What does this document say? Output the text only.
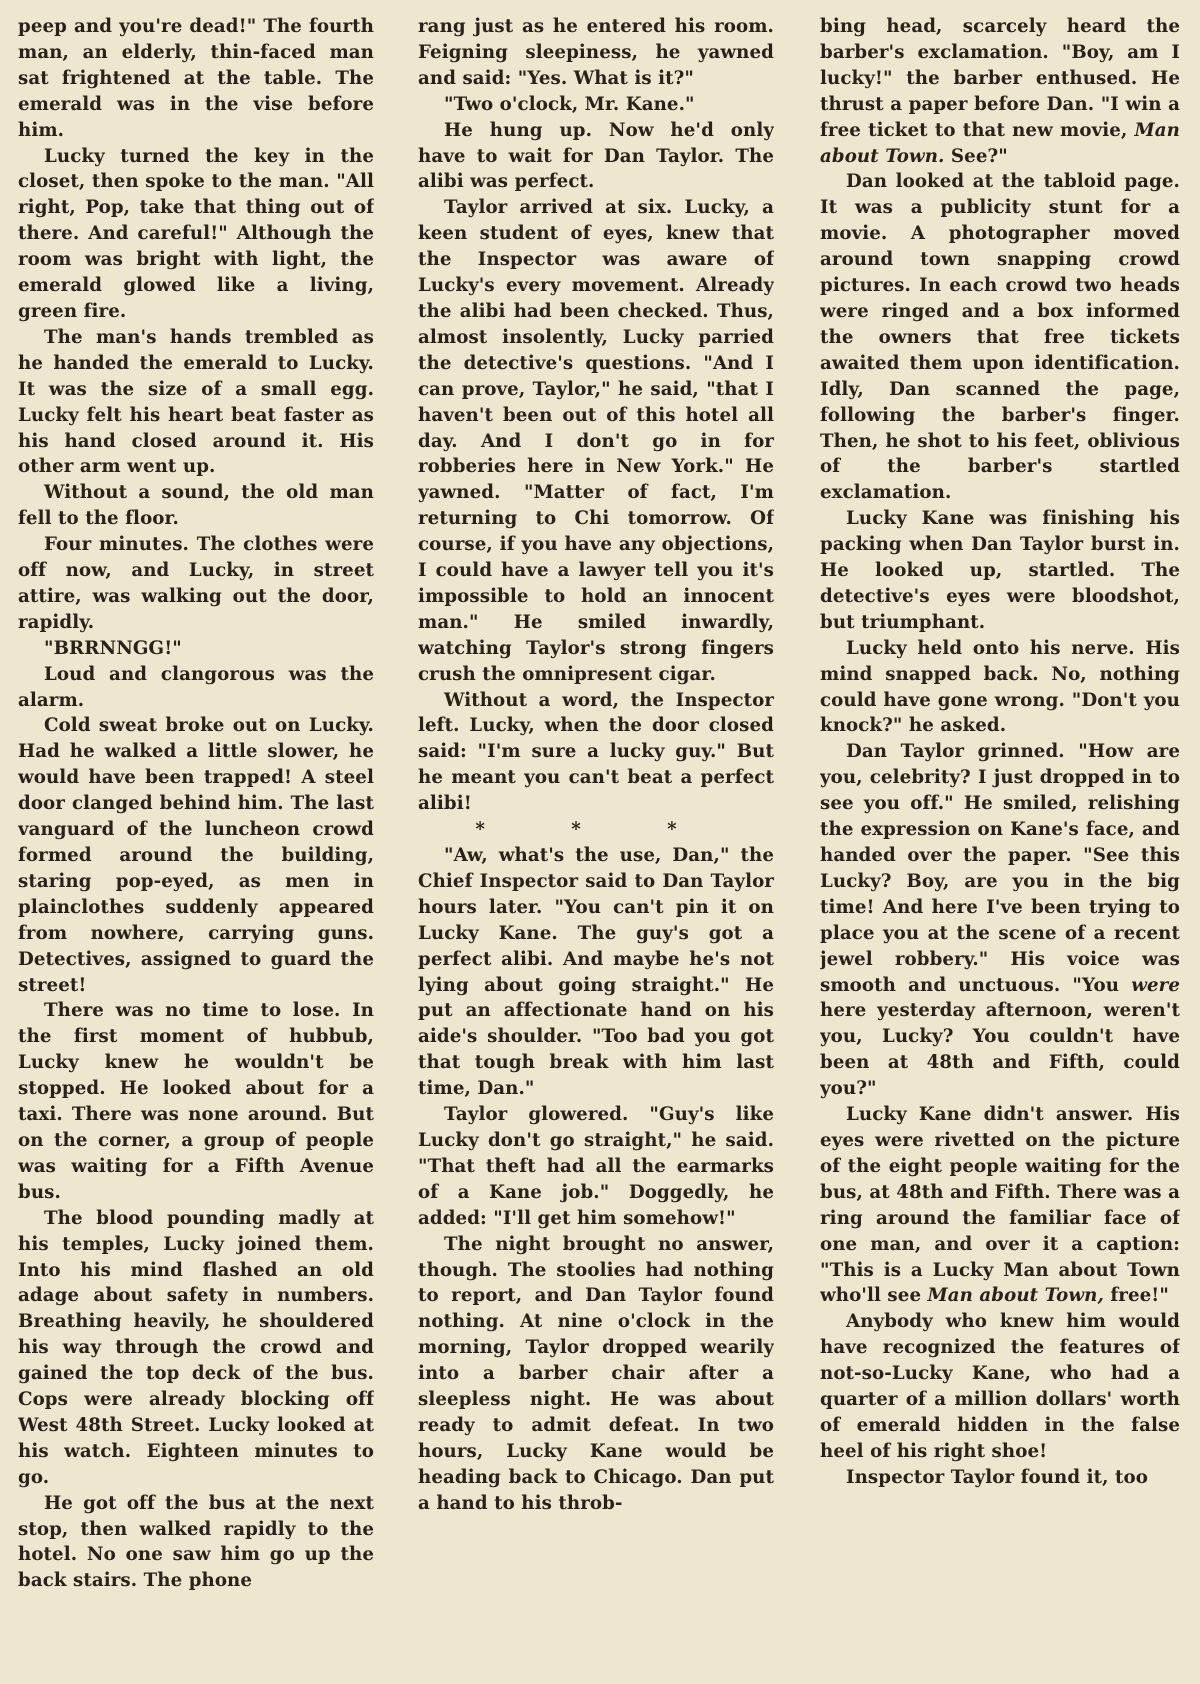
peep and you're dead!" The fourth man, an elderly, thin-faced man sat frightened at the table. The emerald was in the vise before him.

Lucky turned the key in the closet, then spoke to the man. "All right, Pop, take that thing out of there. And careful!" Although the room was bright with light, the emerald glowed like a living, green fire.

The man's hands trembled as he handed the emerald to Lucky. It was the size of a small egg. Lucky felt his heart beat faster as his hand closed around it. His other arm went up.

Without a sound, the old man fell to the floor.

Four minutes. The clothes were off now, and Lucky, in street attire, was walking out the door, rapidly.

"BRRNNGG!"

Loud and clangorous was the alarm.

Cold sweat broke out on Lucky. Had he walked a little slower, he would have been trapped! A steel door clanged behind him. The last vanguard of the luncheon crowd formed around the building, staring pop-eyed, as men in plainclothes suddenly appeared from nowhere, carrying guns. Detectives, assigned to guard the street!

There was no time to lose. In the first moment of hubbub, Lucky knew he wouldn't be stopped. He looked about for a taxi. There was none around. But on the corner, a group of people was waiting for a Fifth Avenue bus.

The blood pounding madly at his temples, Lucky joined them. Into his mind flashed an old adage about safety in numbers. Breathing heavily, he shouldered his way through the crowd and gained the top deck of the bus. Cops were already blocking off West 48th Street. Lucky looked at his watch. Eighteen minutes to go.

He got off the bus at the next stop, then walked rapidly to the hotel. No one saw him go up the back stairs. The phone

rang just as he entered his room. Feigning sleepiness, he yawned and said: "Yes. What is it?"

"Two o'clock, Mr. Kane."

He hung up. Now he'd only have to wait for Dan Taylor. The alibi was perfect.

Taylor arrived at six. Lucky, a keen student of eyes, knew that the Inspector was aware of Lucky's every movement. Already the alibi had been checked. Thus, almost insolently, Lucky parried the detective's questions. "And I can prove, Taylor," he said, "that I haven't been out of this hotel all day. And I don't go in for robberies here in New York." He yawned. "Matter of fact, I'm returning to Chi tomorrow. Of course, if you have any objections, I could have a lawyer tell you it's impossible to hold an innocent man." He smiled inwardly, watching Taylor's strong fingers crush the omnipresent cigar.

Without a word, the Inspector left. Lucky, when the door closed said: "I'm sure a lucky guy." But he meant you can't beat a perfect alibi!

* * *

"Aw, what's the use, Dan," the Chief Inspector said to Dan Taylor hours later. "You can't pin it on Lucky Kane. The guy's got a perfect alibi. And maybe he's not lying about going straight." He put an affectionate hand on his aide's shoulder. "Too bad you got that tough break with him last time, Dan."

Taylor glowered. "Guy's like Lucky don't go straight," he said. "That theft had all the earmarks of a Kane job." Doggedly, he added: "I'll get him somehow!"

The night brought no answer, though. The stoolies had nothing to report, and Dan Taylor found nothing. At nine o'clock in the morning, Taylor dropped wearily into a barber chair after a sleepless night. He was about ready to admit defeat. In two hours, Lucky Kane would be heading back to Chicago. Dan put a hand to his throb-

bing head, scarcely heard the barber's exclamation. "Boy, am I lucky!" the barber enthused. He thrust a paper before Dan. "I win a free ticket to that new movie, Man about Town. See?"

Dan looked at the tabloid page. It was a publicity stunt for a movie. A photographer moved around town snapping crowd pictures. In each crowd two heads were ringed and a box informed the owners that free tickets awaited them upon identification. Idly, Dan scanned the page, following the barber's finger. Then, he shot to his feet, oblivious of the barber's startled exclamation.

Lucky Kane was finishing his packing when Dan Taylor burst in. He looked up, startled. The detective's eyes were bloodshot, but triumphant.

Lucky held onto his nerve. His mind snapped back. No, nothing could have gone wrong. "Don't you knock?" he asked.

Dan Taylor grinned. "How are you, celebrity? I just dropped in to see you off." He smiled, relishing the expression on Kane's face, and handed over the paper. "See this Lucky? Boy, are you in the big time! And here I've been trying to place you at the scene of a recent jewel robbery." His voice was smooth and unctuous. "You were here yesterday afternoon, weren't you, Lucky? You couldn't have been at 48th and Fifth, could you?"

Lucky Kane didn't answer. His eyes were rivetted on the picture of the eight people waiting for the bus, at 48th and Fifth. There was a ring around the familiar face of one man, and over it a caption: "This is a Lucky Man about Town who'll see Man about Town, free!"

Anybody who knew him would have recognized the features of not-so-Lucky Kane, who had a quarter of a million dollars' worth of emerald hidden in the false heel of his right shoe!

Inspector Taylor found it, too
